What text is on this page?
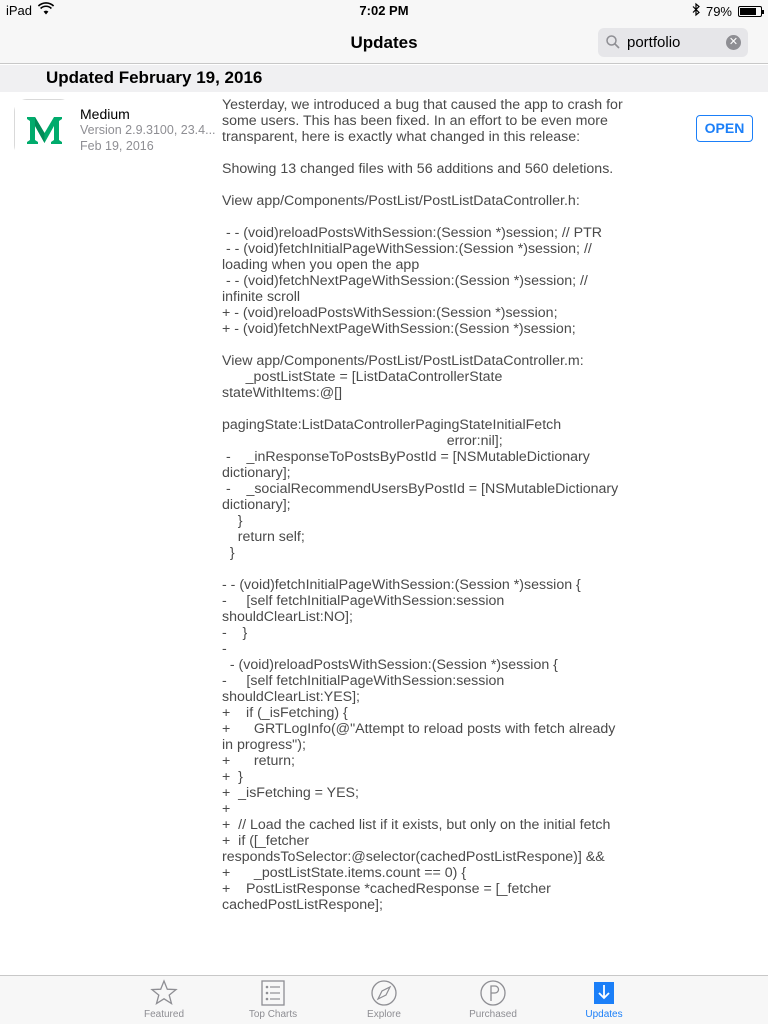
iPad	7:02 PM	79%
Updates	portfolio	✕
Updated February 19, 2016
Medium
Version 2.9.3100, 23.4...
Feb 19, 2016
Yesterday, we introduced a bug that caused the app to crash for some users. This has been fixed. In an effort to be even more transparent, here is exactly what changed in this release:

Showing 13 changed files with 56 additions and 560 deletions.

View app/Components/PostList/PostListDataController.h:

- - (void)reloadPostsWithSession:(Session *)session; // PTR
- - (void)fetchInitialPageWithSession:(Session *)session; // loading when you open the app
- - (void)fetchNextPageWithSession:(Session *)session; // infinite scroll
+ - (void)reloadPostsWithSession:(Session *)session;
+ - (void)fetchNextPageWithSession:(Session *)session;

View app/Components/PostList/PostListDataController.m:
_postListState = [ListDataControllerState stateWithItems:@[]

pagingState:ListDataControllerPagingStateInitialFetch
error:nil];
-    _inResponseToPostsByPostId = [NSMutableDictionary dictionary];
-    _socialRecommendUsersByPostId = [NSMutableDictionary dictionary];
}
return self;
}

- - (void)fetchInitialPageWithSession:(Session *)session {
-     [self fetchInitialPageWithSession:session shouldClearList:NO];
-    }
-
- (void)reloadPostsWithSession:(Session *)session {
-     [self fetchInitialPageWithSession:session shouldClearList:YES];
+    if (_isFetching) {
+      GRTLogInfo(@"Attempt to reload posts with fetch already in progress");
+      return;
+  }
+  _isFetching = YES;
+
+  // Load the cached list if it exists, but only on the initial fetch
+  if ([_fetcher respondsToSelector:@selector(cachedPostListRespone)] &&
+      _postListState.items.count == 0) {
+    PostListResponse *cachedResponse = [_fetcher cachedPostListRespone];
OPEN
Featured	Top Charts	Explore	Purchased	Updates
